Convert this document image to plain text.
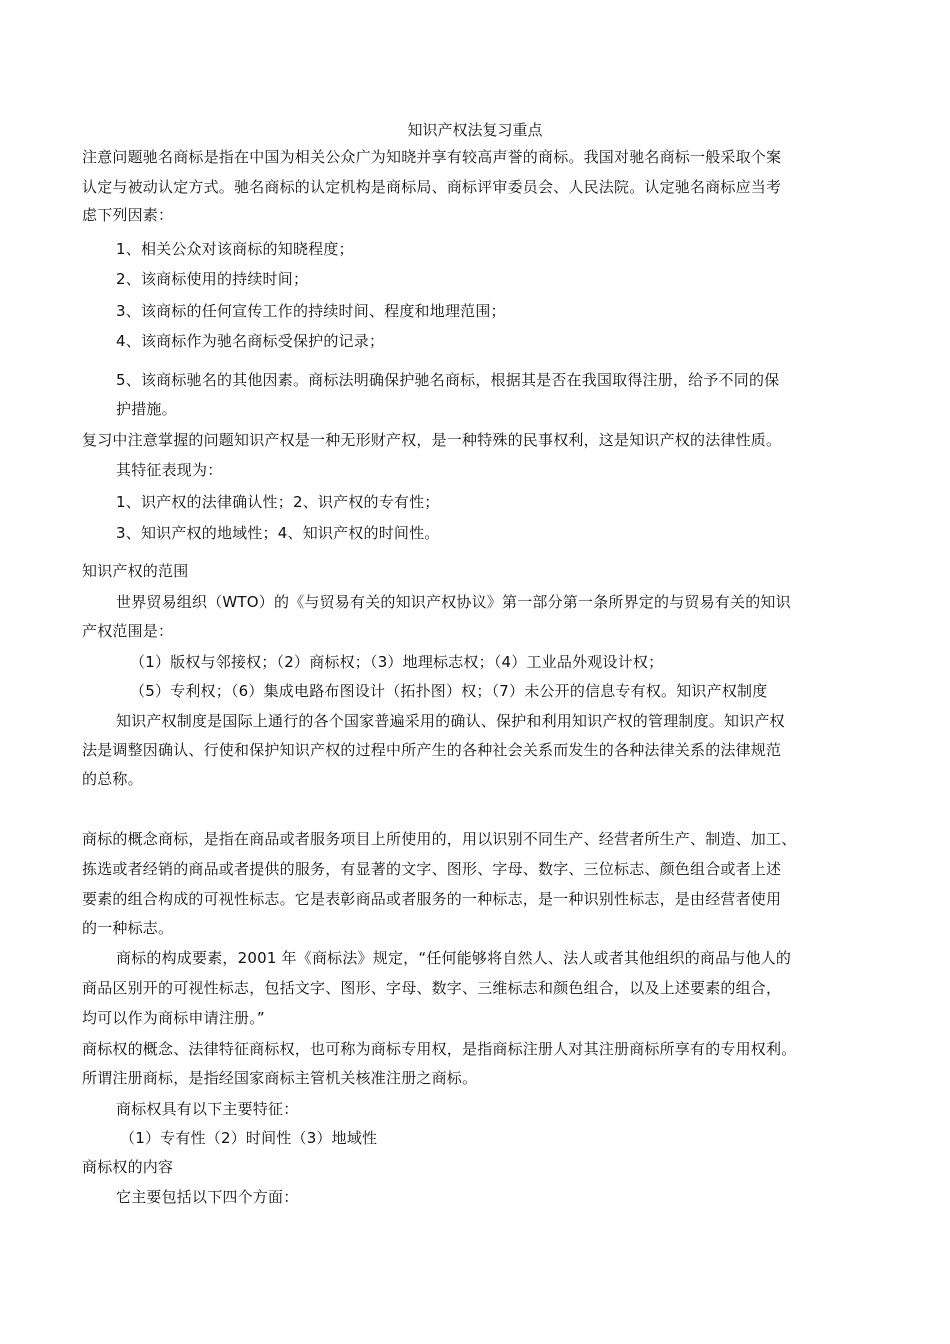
知识产权法复习重点
注意问题驰名商标是指在中国为相关公众广为知晓并享有较高声誉的商标。我国对驰名商标一般采取个案
认定与被动认定方式。驰名商标的认定机构是商标局、商标评审委员会、人民法院。认定驰名商标应当考
虑下列因素：
1、相关公众对该商标的知晓程度；
2、该商标使用的持续时间；
3、该商标的任何宣传工作的持续时间、程度和地理范围；
4、该商标作为驰名商标受保护的记录；
5、该商标驰名的其他因素。商标法明确保护驰名商标，根据其是否在我国取得注册，给予不同的保
护措施。
复习中注意掌握的问题知识产权是一种无形财产权，是一种特殊的民事权利，这是知识产权的法律性质。
其特征表现为：
1、识产权的法律确认性；2、识产权的专有性；
3、知识产权的地域性；4、知识产权的时间性。
知识产权的范围
世界贸易组织（WTO）的《与贸易有关的知识产权协议》第一部分第一条所界定的与贸易有关的知识
产权范围是：
（1）版权与邻接权；（2）商标权；（3）地理标志权；（4）工业品外观设计权；
（5）专利权；（6）集成电路布图设计（拓扑图）权；（7）未公开的信息专有权。知识产权制度
知识产权制度是国际上通行的各个国家普遍采用的确认、保护和利用知识产权的管理制度。知识产权
法是调整因确认、行使和保护知识产权的过程中所产生的各种社会关系而发生的各种法律关系的法律规范
的总称。
商标的概念商标，是指在商品或者服务项目上所使用的，用以识别不同生产、经营者所生产、制造、加工、
拣选或者经销的商品或者提供的服务，有显著的文字、图形、字母、数字、三位标志、颜色组合或者上述
要素的组合构成的可视性标志。它是表彰商品或者服务的一种标志，是一种识别性标志，是由经营者使用
的一种标志。
商标的构成要素，2001 年《商标法》规定，“任何能够将自然人、法人或者其他组织的商品与他人的
商品区别开的可视性标志，包括文字、图形、字母、数字、三维标志和颜色组合，以及上述要素的组合，
均可以作为商标申请注册。”
商标权的概念、法律特征商标权，也可称为商标专用权，是指商标注册人对其注册商标所享有的专用权利。
所谓注册商标，是指经国家商标主管机关核准注册之商标。
商标权具有以下主要特征：
（1）专有性（2）时间性（3）地域性
商标权的内容
它主要包括以下四个方面：
